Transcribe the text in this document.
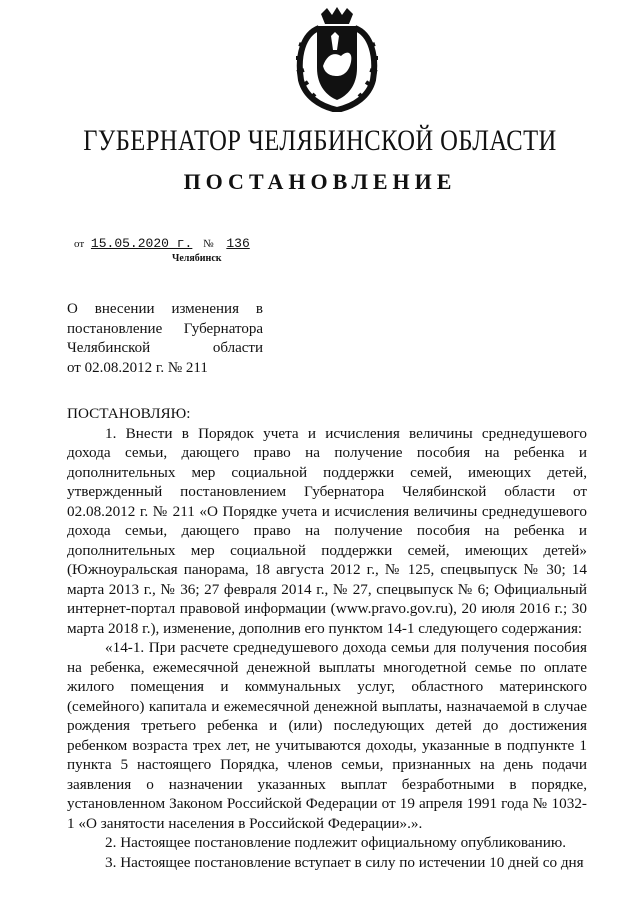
ГУБЕРНАТОР ЧЕЛЯБИНСКОЙ ОБЛАСТИ
ПОСТАНОВЛЕНИЕ
от 15.05.2020 г. № 136
Челябинск
О внесении изменения в
постановление Губернатора
Челябинской области
от 02.08.2012 г. № 211

ПОСТАНОВЛЯЮ:

1. Внести в Порядок учета и исчисления величины среднедушевого дохода семьи, дающего право на получение пособия на ребенка и дополнительных мер социальной поддержки семей, имеющих детей, утвержденный постановлением Губернатора Челябинской области от 02.08.2012 г. № 211 «О Порядке учета и исчисления величины среднедушевого дохода семьи, дающего право на получение пособия на ребенка и дополнительных мер социальной поддержки семей, имеющих детей» (Южноуральская панорама, 18 августа 2012 г., № 125, спецвыпуск № 30; 14 марта 2013 г., № 36; 27 февраля 2014 г., № 27, спецвыпуск № 6; Официальный интернет-портал правовой информации (www.pravo.gov.ru), 20 июля 2016 г.; 30 марта 2018 г.), изменение, дополнив его пунктом 14-1 следующего содержания:

«14-1. При расчете среднедушевого дохода семьи для получения пособия на ребенка, ежемесячной денежной выплаты многодетной семье по оплате жилого помещения и коммунальных услуг, областного материнского (семейного) капитала и ежемесячной денежной выплаты, назначаемой в случае рождения третьего ребенка и (или) последующих детей до достижения ребенком возраста трех лет, не учитываются доходы, указанные в подпункте 1 пункта 5 настоящего Порядка, членов семьи, признанных на день подачи заявления о назначении указанных выплат безработными в порядке, установленном Законом Российской Федерации от 19 апреля 1991 года № 1032-1 «О занятости населения в Российской Федерации».».

2. Настоящее постановление подлежит официальному опубликованию.

3. Настоящее постановление вступает в силу по истечении 10 дней со дня
